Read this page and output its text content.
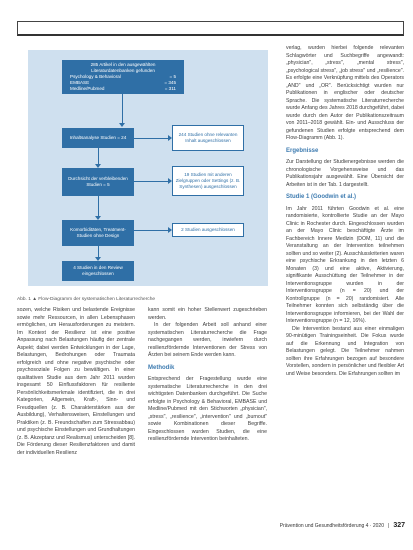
285 Artikel in den ausgewählten
Literaturdatenbanken gefunden
Psychology & Behavioral	= 5
EMBASE	= 345
Medline/Pubmed	= 311
Inhaltsanalyse Studien = 24
244 Studien ohne relevanten Inhalt ausgeschlossen
Durchsicht der verbleibenden Studien = 5
19 Studien mit anderen Zielgruppen oder Settings (z. B. Synthesen) ausgeschlossen
Komorbiditäten, Treatment-Studien ohne Design
2 Studien ausgeschlossen
4 Studien in den Review eingeschlossen
Abb. 1 ▲ Flow-Diagramm der systematischen Literaturrecherche

sozen, welche Risiken und belastende Ereignisse sowie mehr Ressourcen, in allen Lebensphasen ermöglichen, um Herausforderungen zu meistern. Im Kontext der Resilienz ist eine positive Anpassung nach Belastungen häufig der zentrale Aspekt; dabei werden Entwicklungen in der Lage, Belastungen, Bedrohungen oder Traumata erfolgreich und ohne negative psychische oder psychosoziale Folgen zu bewältigen. In einer qualitativen Studie aus dem Jahr 2011 wurden insgesamt 50 Einflussfaktoren für resiliente Persönlichkeitsmerkmale identifiziert, die in drei Kategorien, Allgemein, Kraft-, Sinn- und Freudquellen (z. B. Charakterstärken aus der Ausbildung), Verhaltensweisen, Einstellungen und Praktiken (z. B. Freundschaften zum Stressabbau) und psychische Einstellungen und Grundhaltungen (z. B. Akzeptanz und Realismus) unterscheiden [8]. Die Förderung dieser Resilienzfaktoren und damit der individuellen Resilienz

kann somit ein hoher Stellenwert zugeschrieben werden.

In der folgenden Arbeit soll anhand einer systematischen Literaturrecherche die Frage nachgegangen werden, inwiefern durch resilienzfördernde Interventionen der Stress von Ärzten bei seinem Ende werden kann.

Methodik

Entsprechend der Fragestellung wurde eine systematische Literaturrecherche in den drei wichtigsten Datenbanken durchgeführt. Die Suche erfolgte in Psychology & Behavioral, EMBASE und Medline/Pubmed mit den Stichworten „physician", „stress", „resilience", „intervention" und „burnout" sowie Kombinationen dieser Begriffe. Eingeschlossen wurden Studien, die eine resilienzfördernde Intervention beinhalteten.

verlag, wurden hierbei folgende relevanten Schlagwörter und Suchbegriffe angewandt: „physician", „stress", „mental stress", „psychological stress", „job stress" und „resilience". Es erfolgte eine Verknüpfung mittels des Operators „AND" und „OR". Berücksichtigt wurden nur Publikationen in englischer oder deutscher Sprache. Die systematische Literaturrecherche wurde Anfang des Jahres 2018 durchgeführt, dabei wurde durch den Autor der Publikationszeitraum von 2011–2018 gewählt. Ein- und Ausschluss der gefundenen Studien erfolgte entsprechend dem Flow-Diagramm (Abb. 1).

Ergebnisse

Zur Darstellung der Studienergebnisse werden die chronologische Vorgehensweise und das Publikationsjahr ausgewählt. Eine Übersicht der Arbeiten ist in der Tab. 1 dargestellt.

Studie 1 (Goodwin et al.)

Im Jahr 2011 führten Goodwin et al. eine randomisierte, kontrollierte Studie an der Mayo Clinic in Rochester durch. Eingeschlossen wurden an der Mayo Clinic beschäftigte Ärzte im Fachbereich Innere Medizin (DOM, 11) und die Veranstaltung an der Intervention teilnehmen sollten und so weiter (2). Ausschlusskriterien waren eine psychische Erkrankung in den letzten 6 Monaten (3) und eine aktive, Aktivierung, signifikante Ausschüttung der Teilnehmer in der Interventionsgruppe wurden in der Interventionsgruppe (n = 20) und der Kontrollgruppe (n = 20) randomisiert. Alle Teilnehmer konnten sich selbständig über die Interventionsgruppe informieren, bei der Wahl der Interventionsgruppe (n = 12, 16%).

Die Intervention bestand aus einer einmaligen 90-minütigen Trainingseinheit. Die Fokus wurde auf die Erkennung und Integration von Belastungen gelegt. Die Teilnehmer nahmen sollten ihre Erfahrungen bezogen auf besondere Vorstellen, sondern in persönlicher und flexibler Art und Weise besonders. Die Erfahrungen sollten im

Prävention und Gesundheitsförderung 4 · 2020 | 327
